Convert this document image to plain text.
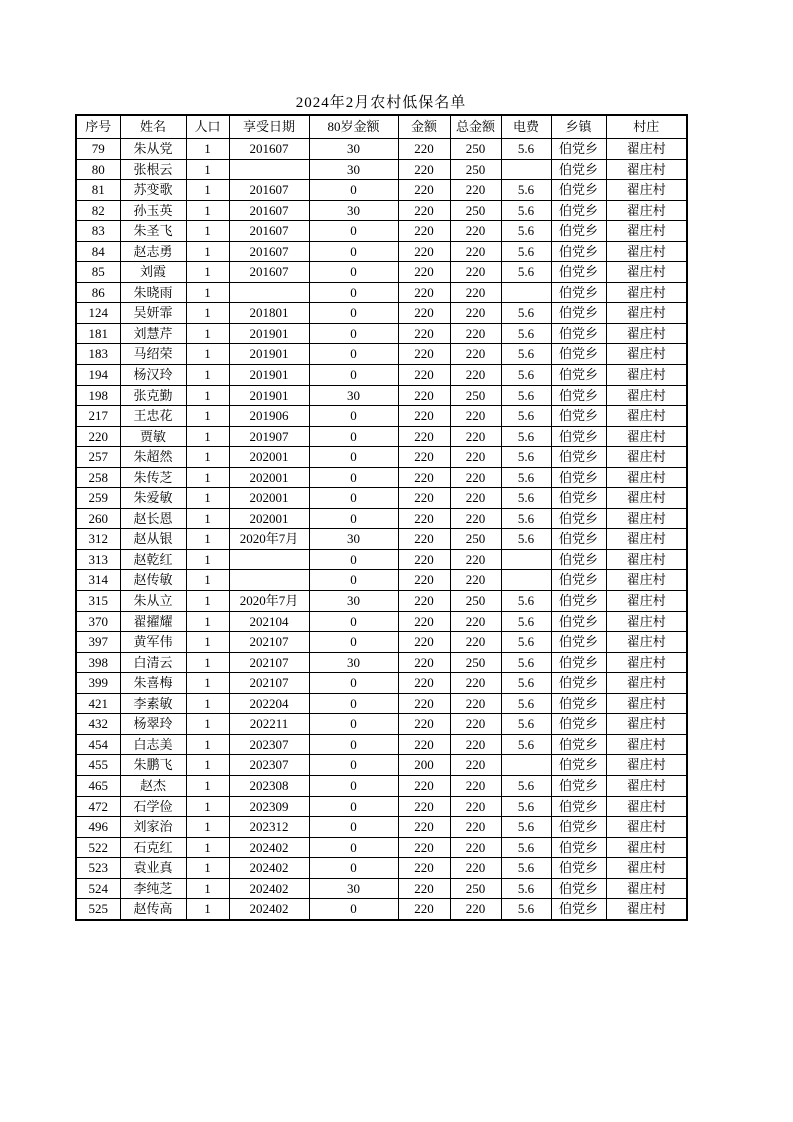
2024年2月农村低保名单
序号	姓名	人口	享受日期	80岁金额	金额	总金额	电费	乡镇	村庄
79	朱从党	1	201607	30	220	250	5.6	伯党乡	翟庄村
80	张根云	1		30	220	250		伯党乡	翟庄村
81	苏变歌	1	201607	0	220	220	5.6	伯党乡	翟庄村
82	孙玉英	1	201607	30	220	250	5.6	伯党乡	翟庄村
83	朱圣飞	1	201607	0	220	220	5.6	伯党乡	翟庄村
84	赵志勇	1	201607	0	220	220	5.6	伯党乡	翟庄村
85	刘霞	1	201607	0	220	220	5.6	伯党乡	翟庄村
86	朱晓雨	1		0	220	220		伯党乡	翟庄村
124	吴妍霏	1	201801	0	220	220	5.6	伯党乡	翟庄村
181	刘慧芹	1	201901	0	220	220	5.6	伯党乡	翟庄村
183	马绍荣	1	201901	0	220	220	5.6	伯党乡	翟庄村
194	杨汉玲	1	201901	0	220	220	5.6	伯党乡	翟庄村
198	张克勤	1	201901	30	220	250	5.6	伯党乡	翟庄村
217	王忠花	1	201906	0	220	220	5.6	伯党乡	翟庄村
220	贾敏	1	201907	0	220	220	5.6	伯党乡	翟庄村
257	朱超然	1	202001	0	220	220	5.6	伯党乡	翟庄村
258	朱传芝	1	202001	0	220	220	5.6	伯党乡	翟庄村
259	朱爱敏	1	202001	0	220	220	5.6	伯党乡	翟庄村
260	赵长恩	1	202001	0	220	220	5.6	伯党乡	翟庄村
312	赵从银	1	2020年7月	30	220	250	5.6	伯党乡	翟庄村
313	赵乾红	1		0	220	220		伯党乡	翟庄村
314	赵传敏	1		0	220	220		伯党乡	翟庄村
315	朱从立	1	2020年7月	30	220	250	5.6	伯党乡	翟庄村
370	翟擢耀	1	202104	0	220	220	5.6	伯党乡	翟庄村
397	黄军伟	1	202107	0	220	220	5.6	伯党乡	翟庄村
398	白清云	1	202107	30	220	250	5.6	伯党乡	翟庄村
399	朱喜梅	1	202107	0	220	220	5.6	伯党乡	翟庄村
421	李素敏	1	202204	0	220	220	5.6	伯党乡	翟庄村
432	杨翠玲	1	202211	0	220	220	5.6	伯党乡	翟庄村
454	白志美	1	202307	0	220	220	5.6	伯党乡	翟庄村
455	朱鹏飞	1	202307	0	200	220		伯党乡	翟庄村
465	赵杰	1	202308	0	220	220	5.6	伯党乡	翟庄村
472	石学俭	1	202309	0	220	220	5.6	伯党乡	翟庄村
496	刘家治	1	202312	0	220	220	5.6	伯党乡	翟庄村
522	石克红	1	202402	0	220	220	5.6	伯党乡	翟庄村
523	袁业真	1	202402	0	220	220	5.6	伯党乡	翟庄村
524	李纯芝	1	202402	30	220	250	5.6	伯党乡	翟庄村
525	赵传高	1	202402	0	220	220	5.6	伯党乡	翟庄村
